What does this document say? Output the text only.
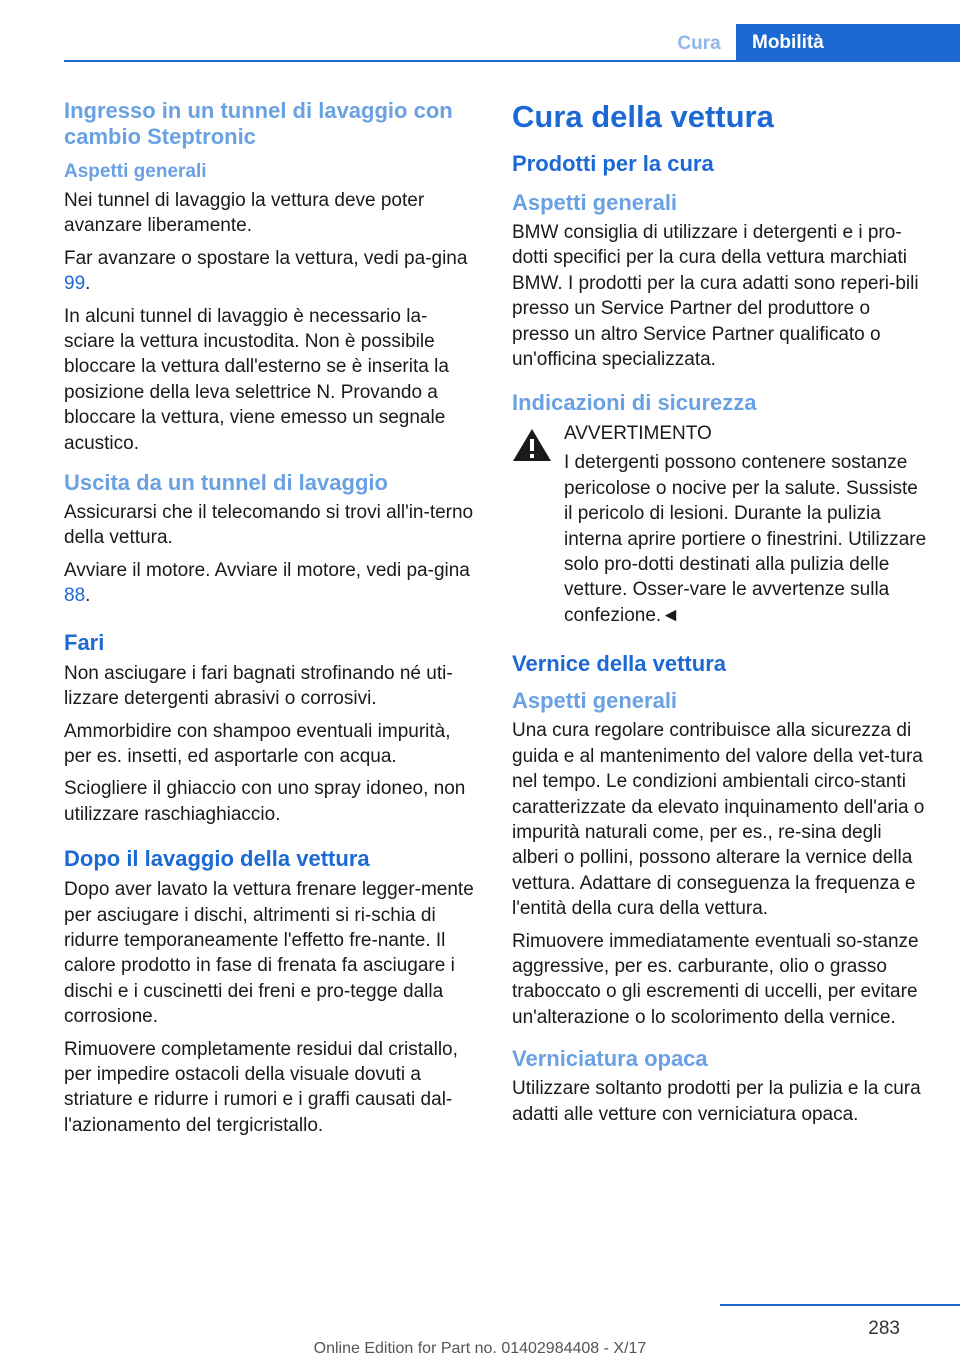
Cura	Mobilità
Ingresso in un tunnel di lavaggio con cambio Steptronic
Aspetti generali

Nei tunnel di lavaggio la vettura deve poter avanzare liberamente.

Far avanzare o spostare la vettura, vedi pa-gina 99.

In alcuni tunnel di lavaggio è necessario la-sciare la vettura incustodita. Non è possibile bloccare la vettura dall'esterno se è inserita la posizione della leva selettrice N. Provando a bloccare la vettura, viene emesso un segnale acustico.

Uscita da un tunnel di lavaggio

Assicurarsi che il telecomando si trovi all'in-terno della vettura.

Avviare il motore. Avviare il motore, vedi pa-gina 88.

Fari

Non asciugare i fari bagnati strofinando né uti-lizzare detergenti abrasivi o corrosivi.

Ammorbidire con shampoo eventuali impurità, per es. insetti, ed asportarle con acqua.

Sciogliere il ghiaccio con uno spray idoneo, non utilizzare raschiaghiaccio.

Dopo il lavaggio della vettura

Dopo aver lavato la vettura frenare legger-mente per asciugare i dischi, altrimenti si ri-schia di ridurre temporaneamente l'effetto fre-nante. Il calore prodotto in fase di frenata fa asciugare i dischi e i cuscinetti dei freni e pro-tegge dalla corrosione.

Rimuovere completamente residui dal cristallo, per impedire ostacoli della visuale dovuti a striature e ridurre i rumori e i graffi causati dal-l'azionamento del tergicristallo.

Cura della vettura
Prodotti per la cura
Aspetti generali

BMW consiglia di utilizzare i detergenti e i pro-dotti specifici per la cura della vettura marchiati BMW. I prodotti per la cura adatti sono reperi-bili presso un Service Partner del produttore o presso un altro Service Partner qualificato o un'officina specializzata.

Indicazioni di sicurezza
AVVERTIMENTO

I detergenti possono contenere sostanze pericolose o nocive per la salute. Sussiste il pericolo di lesioni. Durante la pulizia interna aprire portiere o finestrini. Utilizzare solo pro-dotti destinati alla pulizia delle vetture. Osser-vare le avvertenze sulla confezione.◄

Vernice della vettura
Aspetti generali

Una cura regolare contribuisce alla sicurezza di guida e al mantenimento del valore della vet-tura nel tempo. Le condizioni ambientali circo-stanti caratterizzate da elevato inquinamento dell'aria o impurità naturali come, per es., re-sina degli alberi o pollini, possono alterare la vernice della vettura. Adattare di conseguenza la frequenza e l'entità della cura della vettura.

Rimuovere immediatamente eventuali so-stanze aggressive, per es. carburante, olio o grasso traboccato o gli escrementi di uccelli, per evitare un'alterazione o lo scolorimento della vernice.

Verniciatura opaca

Utilizzare soltanto prodotti per la pulizia e la cura adatti alle vetture con verniciatura opaca.

283
Online Edition for Part no. 01402984408 - X/17
